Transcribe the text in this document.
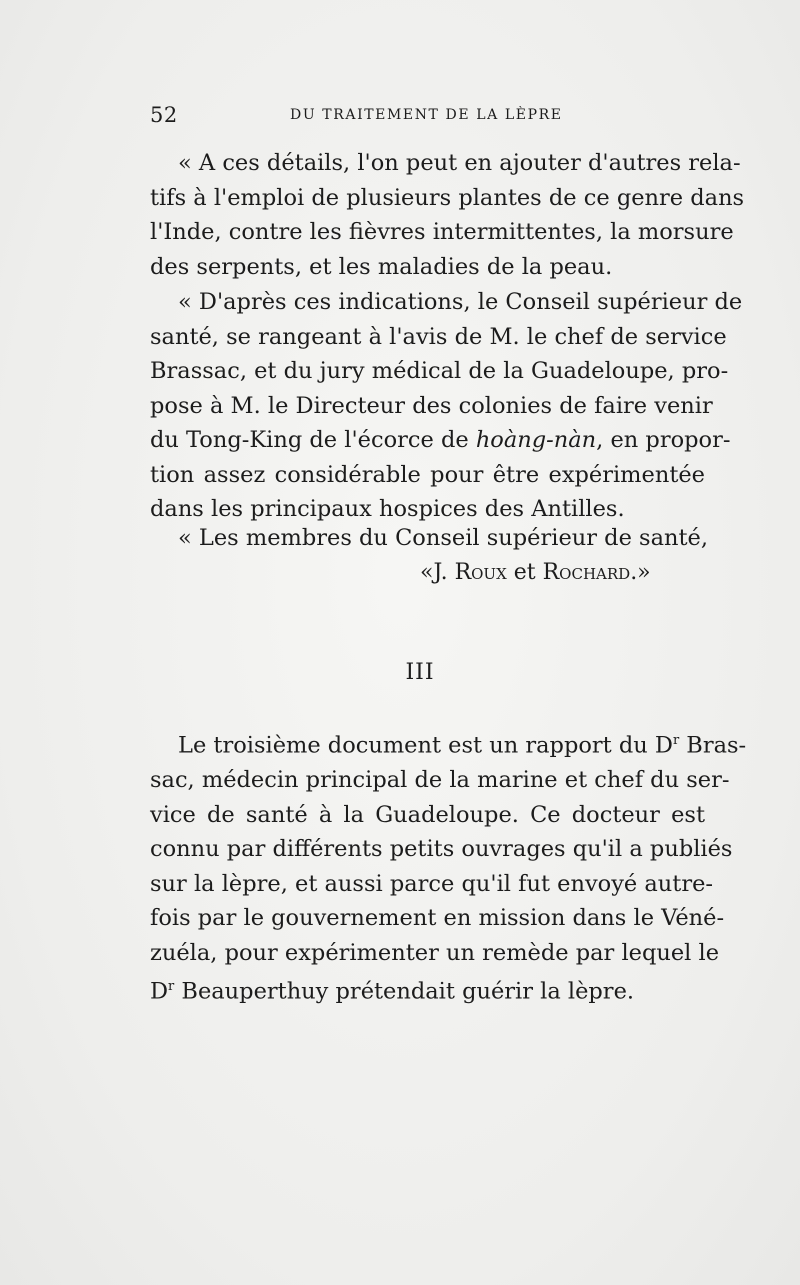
52	DU TRAITEMENT DE LA LÈPRE
« A ces détails, l'on peut en ajouter d'autres rela-
tifs à l'emploi de plusieurs plantes de ce genre dans
l'Inde, contre les fièvres intermittentes, la morsure
des serpents, et les maladies de la peau.
« D'après ces indications, le Conseil supérieur de
santé, se rangeant à l'avis de M. le chef de service
Brassac, et du jury médical de la Guadeloupe, pro-
pose à M. le Directeur des colonies de faire venir
du Tong-King de l'écorce de hoàng-nàn, en propor-
tion assez considérable pour être expérimentée
dans les principaux hospices des Antilles.
« Les membres du Conseil supérieur de santé,
«J. Roux et Rochard.»
III
Le troisième document est un rapport du $D^r$ Bras-
sac, médecin principal de la marine et chef du ser-
vice de santé à la Guadeloupe. Ce docteur est
connu par différents petits ouvrages qu'il a publiés
sur la lèpre, et aussi parce qu'il fut envoyé autre-
fois par le gouvernement en mission dans le Véné-
zuéla, pour expérimenter un remède par lequel le
$D^r$ Beauperthuy prétendait guérir la lèpre.
